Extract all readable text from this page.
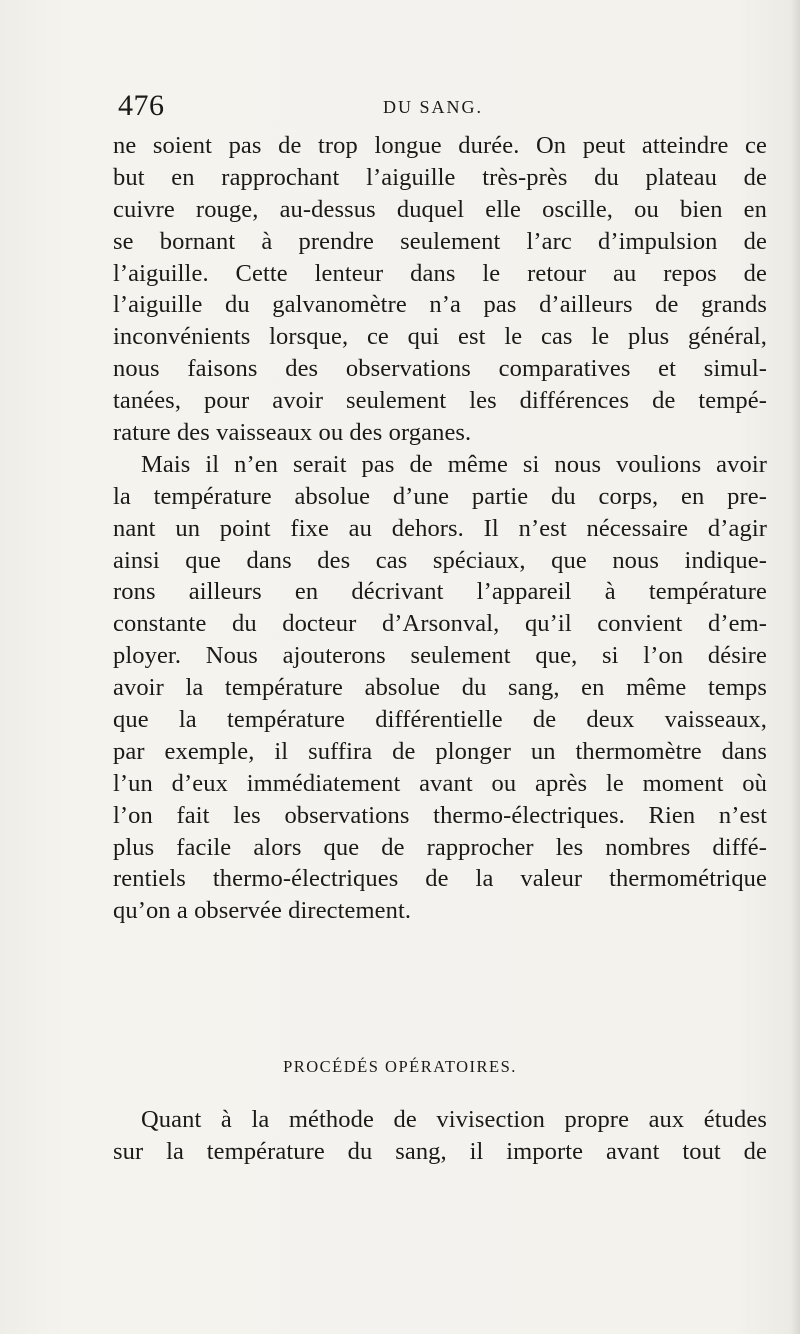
476	DU SANG.
ne soient pas de trop longue durée. On peut atteindre ce
but en rapprochant l’aiguille très-près du plateau de
cuivre rouge, au-dessus duquel elle oscille, ou bien en
se bornant à prendre seulement l’arc d’impulsion de
l’aiguille. Cette lenteur dans le retour au repos de
l’aiguille du galvanomètre n’a pas d’ailleurs de grands
inconvénients lorsque, ce qui est le cas le plus général,
nous faisons des observations comparatives et simul-
tanées, pour avoir seulement les différences de tempé-
rature des vaisseaux ou des organes.
Mais il n’en serait pas de même si nous voulions avoir
la température absolue d’une partie du corps, en pre-
nant un point fixe au dehors. Il n’est nécessaire d’agir
ainsi que dans des cas spéciaux, que nous indique-
rons ailleurs en décrivant l’appareil à température
constante du docteur d’Arsonval, qu’il convient d’em-
ployer. Nous ajouterons seulement que, si l’on désire
avoir la température absolue du sang, en même temps
que la température différentielle de deux vaisseaux,
par exemple, il suffira de plonger un thermomètre dans
l’un d’eux immédiatement avant ou après le moment où
l’on fait les observations thermo-électriques. Rien n’est
plus facile alors que de rapprocher les nombres diffé-
rentiels thermo-électriques de la valeur thermométrique
qu’on a observée directement.
PROCÉDÉS OPÉRATOIRES.
Quant à la méthode de vivisection propre aux études
sur la température du sang, il importe avant tout de
